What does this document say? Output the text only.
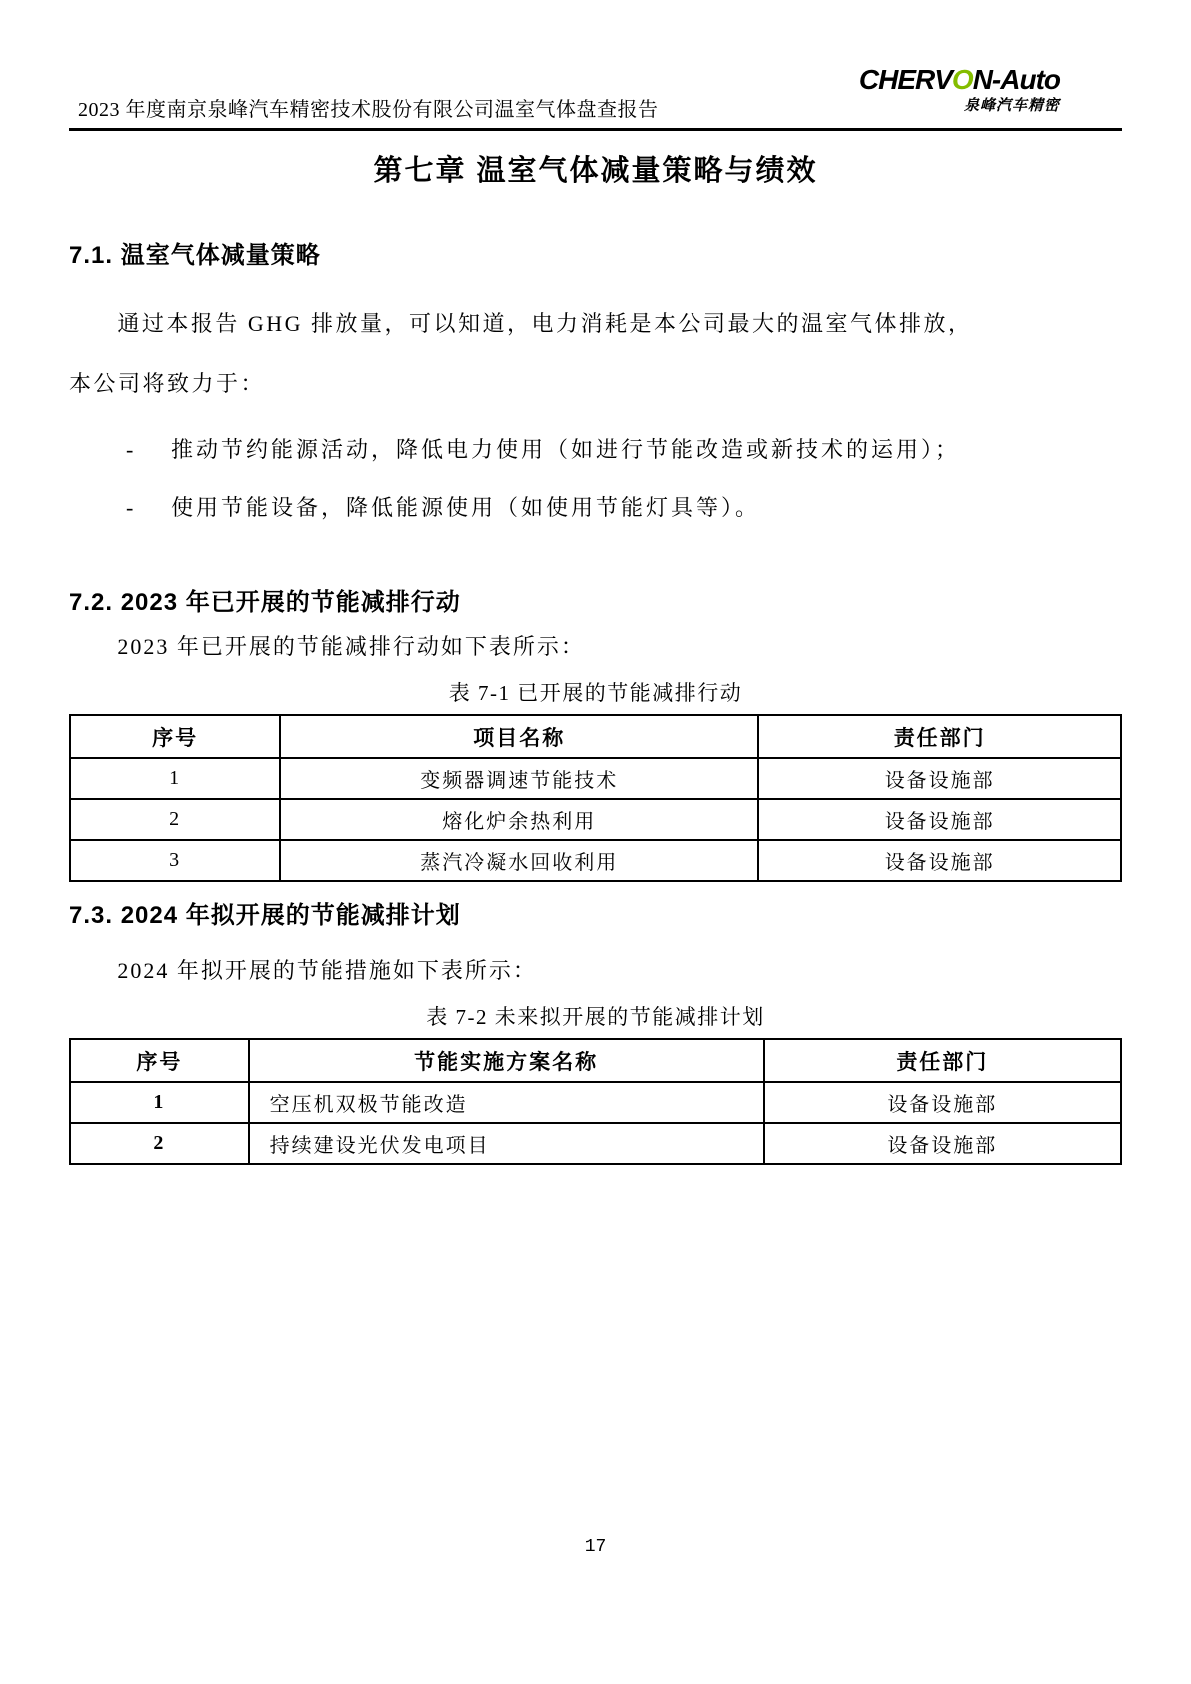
2023 年度南京泉峰汽车精密技术股份有限公司温室气体盘查报告
CHERVON-Auto
泉峰汽车精密
第七章 温室气体减量策略与绩效
7.1. 温室气体减量策略

通过本报告 GHG 排放量，可以知道，电力消耗是本公司最大的温室气体排放，
本公司将致力于：

-	推动节约能源活动，降低电力使用（如进行节能改造或新技术的运用）；
-	使用节能设备，降低能源使用（如使用节能灯具等）。
7.2. 2023 年已开展的节能减排行动

2023 年已开展的节能减排行动如下表所示：

表 7-1 已开展的节能减排行动
序号	项目名称	责任部门
1	变频器调速节能技术	设备设施部
2	熔化炉余热利用	设备设施部
3	蒸汽冷凝水回收利用	设备设施部
7.3. 2024 年拟开展的节能减排计划

2024 年拟开展的节能措施如下表所示：

表 7-2 未来拟开展的节能减排计划
序号	节能实施方案名称	责任部门
1	空压机双极节能改造	设备设施部
2	持续建设光伏发电项目	设备设施部
17
